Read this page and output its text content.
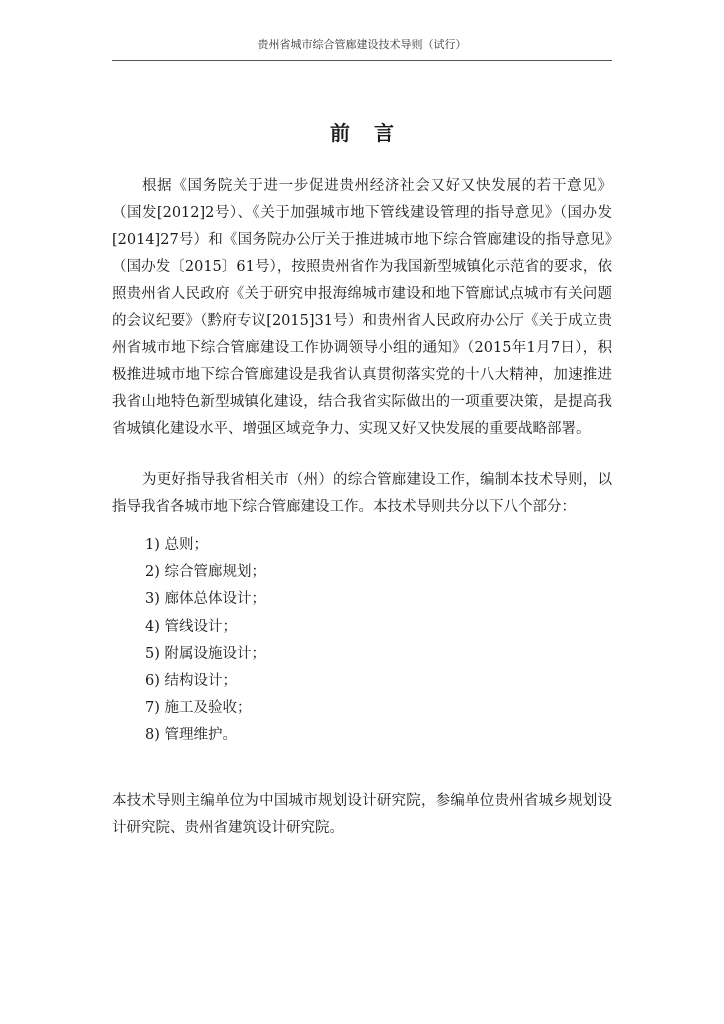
贵州省城市综合管廊建设技术导则（试行）
前言

根据《国务院关于进一步促进贵州经济社会又好又快发展的若干意见》（国发[2012]2号）、《关于加强城市地下管线建设管理的指导意见》（国办发[2014]27号）和《国务院办公厅关于推进城市地下综合管廊建设的指导意见》（国办发〔2015〕61号），按照贵州省作为我国新型城镇化示范省的要求，依照贵州省人民政府《关于研究申报海绵城市建设和地下管廊试点城市有关问题的会议纪要》（黔府专议[2015]31号）和贵州省人民政府办公厅《关于成立贵州省城市地下综合管廊建设工作协调领导小组的通知》（2015年1月7日），积极推进城市地下综合管廊建设是我省认真贯彻落实党的十八大精神，加速推进我省山地特色新型城镇化建设，结合我省实际做出的一项重要决策，是提高我省城镇化建设水平、增强区域竞争力、实现又好又快发展的重要战略部署。

为更好指导我省相关市（州）的综合管廊建设工作，编制本技术导则，以指导我省各城市地下综合管廊建设工作。本技术导则共分以下八个部分：

1) 总则；
2) 综合管廊规划；
3) 廊体总体设计；
4) 管线设计；
5) 附属设施设计；
6) 结构设计；
7) 施工及验收；
8) 管理维护。

本技术导则主编单位为中国城市规划设计研究院，参编单位贵州省城乡规划设计研究院、贵州省建筑设计研究院。
